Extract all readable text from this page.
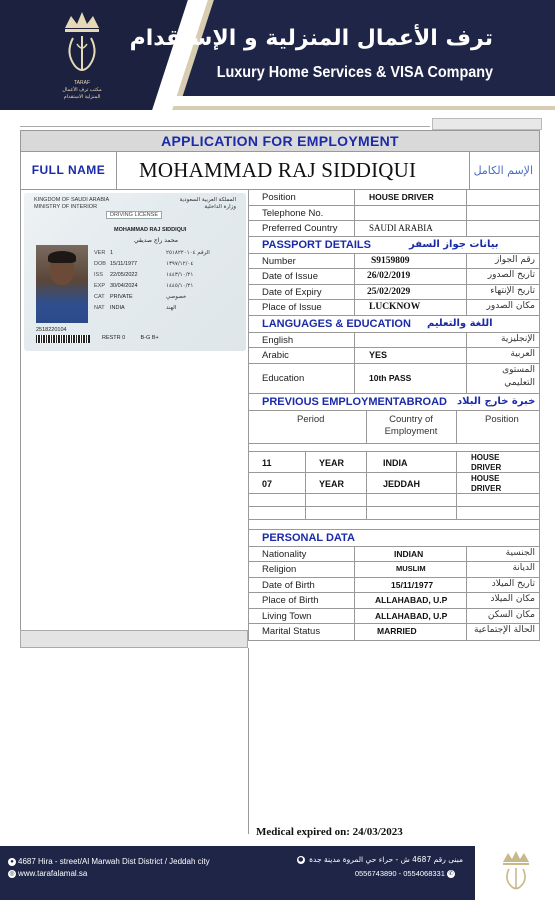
TARAF
مكتب ترف الأعمال
المنزلية الاستقدام
ترف الأعمال المنزلية و الإستقدام
Luxury Home Services & VISA Company
APPLICATION FOR EMPLOYMENT
FULL NAME	MOHAMMAD RAJ SIDDIQUI	الإسم الكامل
KINGDOM OF SAUDI ARABIA
MINISTRY OF INTERIOR
المملكة العربية السعودية
وزارة الداخلية
DRIVING LICENSE
MOHAMMAD RAJ SIDDIQUI
محمد راج صديقي
VER 1	الرقم ٢٥١٨٢٢٠١٠٤
DOB 15/11/1977	١٣٩٧/١٢/٠٤
ISS 22/05/2022	١٤٤٣/١٠/٢١
EXP 30/04/2024	١٤٤٥/١٠/٢١
CAT PRIVATE	خصوصي
NAT INDIA	الهند
2518220104
RESTR 0	B-G B+
Position	HOUSE DRIVER
Telephone No.
Preferred Country	SAUDI ARABIA
PASSPORT DETAILS	بيانات جواز السفر
Number	S9159809	رقم الجواز
Date of Issue	26/02/2019	تاريخ الصدور
Date of Expiry	25/02/2029	تاريخ الإنتهاء
Place of Issue	LUCKNOW	مكان الصدور
LANGUAGES & EDUCATION اللغة والتعليم
English	الإنجليزية
Arabic	YES	العربية
Education	10th PASS
المستوى
التعليمي
PREVIOUS EMPLOYMENTABROAD خبرة خارج البلاد
Period	Country of
Employment
Position
11	YEAR	INDIA
HOUSE
DRIVER
07	YEAR	JEDDAH
HOUSE
DRIVER
PERSONAL DATA
Nationality	INDIAN	الجنسية
Religion	MUSLIM	الديانة
Date of Birth	15/11/1977	تاريخ الميلاد
Place of Birth	ALLAHABAD, U.P	مكان الميلاد
Living Town	ALLAHABAD, U.P	مكان السكن
Marital Status	MARRIED	الحالة الإجتماعية
Medical expired on: 24/03/2023
● 4687 Hira - street/Al Marwah Dist District / Jeddah city
◎ www.tarafalamal.sa
مبنى رقم 4687 ش - حراء حي المروة مدينة جدة ●
0556743890 - 0554068331 ✆
